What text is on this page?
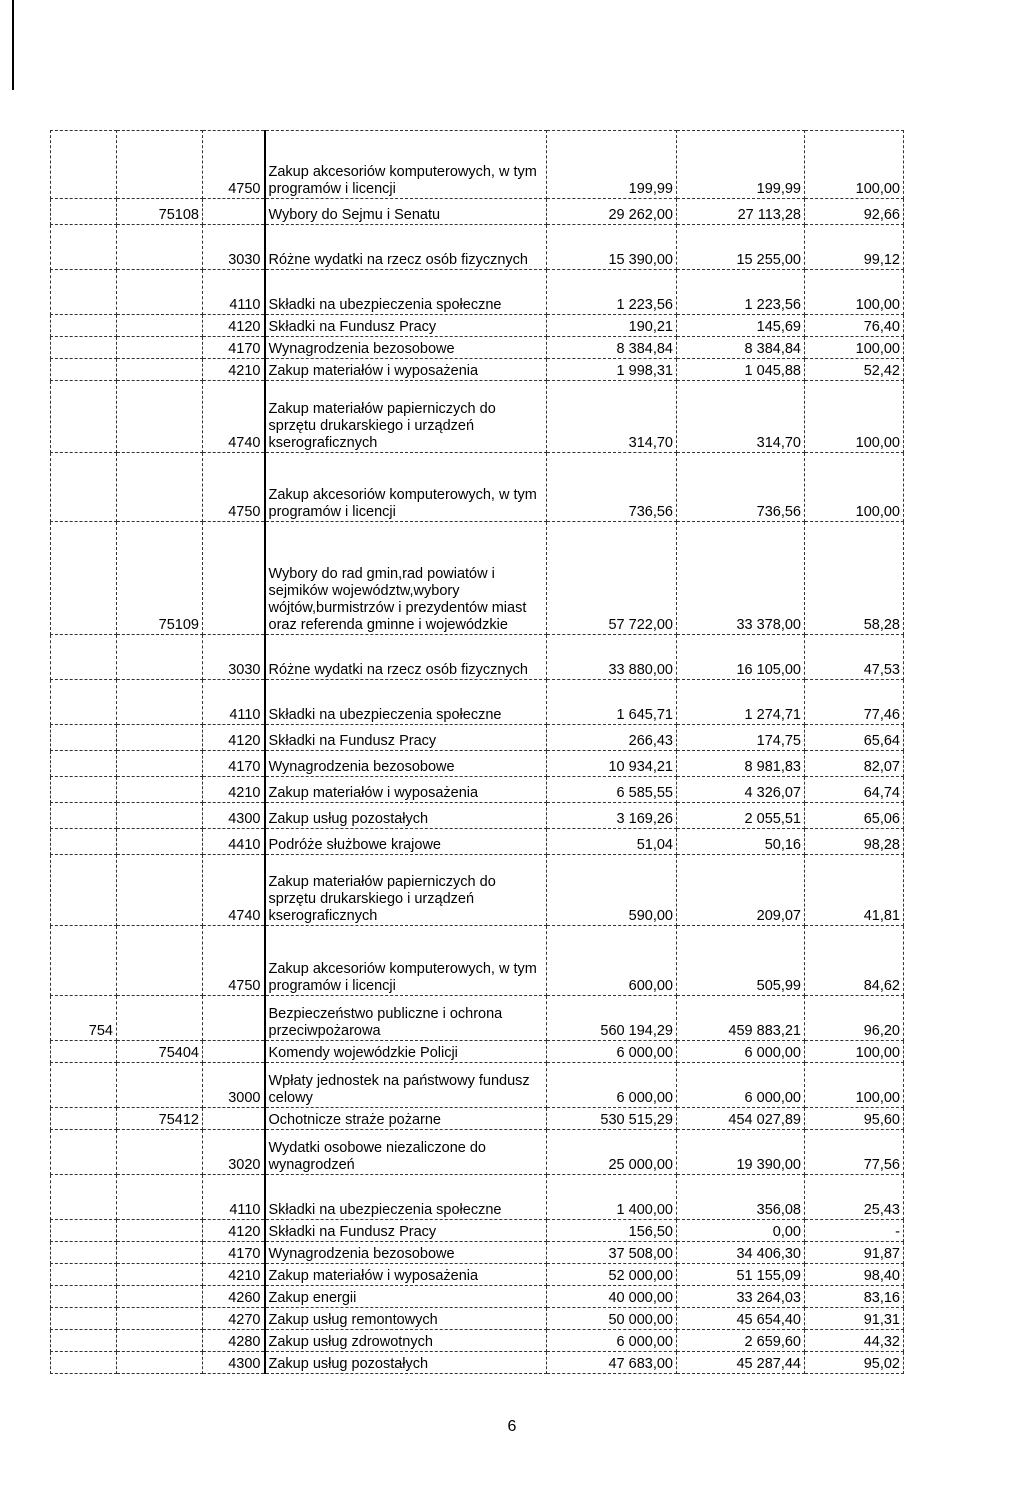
		4750	Zakup akcesoriów komputerowych, w tym programów i licencji	199,99	199,99	100,00
	75108		Wybory do Sejmu i Senatu	29 262,00	27 113,28	92,66
		3030	Różne wydatki na rzecz osób fizycznych	15 390,00	15 255,00	99,12
		4110	Składki na ubezpieczenia społeczne	1 223,56	1 223,56	100,00
		4120	Składki na Fundusz Pracy	190,21	145,69	76,40
		4170	Wynagrodzenia bezosobowe	8 384,84	8 384,84	100,00
		4210	Zakup materiałów i wyposażenia	1 998,31	1 045,88	52,42
		4740	Zakup materiałów papierniczych do sprzętu drukarskiego i urządzeń kserograficznych	314,70	314,70	100,00
		4750	Zakup akcesoriów komputerowych, w tym programów i licencji	736,56	736,56	100,00
	75109		Wybory do rad gmin,rad powiatów i sejmików województw,wybory wójtów,burmistrzów i prezydentów miast oraz referenda gminne i wojewódzkie	57 722,00	33 378,00	58,28
		3030	Różne wydatki na rzecz osób fizycznych	33 880,00	16 105,00	47,53
		4110	Składki na ubezpieczenia społeczne	1 645,71	1 274,71	77,46
		4120	Składki na Fundusz Pracy	266,43	174,75	65,64
		4170	Wynagrodzenia bezosobowe	10 934,21	8 981,83	82,07
		4210	Zakup materiałów i wyposażenia	6 585,55	4 326,07	64,74
		4300	Zakup usług pozostałych	3 169,26	2 055,51	65,06
		4410	Podróże służbowe krajowe	51,04	50,16	98,28
		4740	Zakup materiałów papierniczych do sprzętu drukarskiego i urządzeń kserograficznych	590,00	209,07	41,81
		4750	Zakup akcesoriów komputerowych, w tym programów i licencji	600,00	505,99	84,62
754			Bezpieczeństwo publiczne i ochrona przeciwpożarowa	560 194,29	459 883,21	96,20
	75404		Komendy wojewódzkie Policji	6 000,00	6 000,00	100,00
		3000	Wpłaty jednostek na państwowy fundusz celowy	6 000,00	6 000,00	100,00
	75412		Ochotnicze straże pożarne	530 515,29	454 027,89	95,60
		3020	Wydatki osobowe niezaliczone do wynagrodzeń	25 000,00	19 390,00	77,56
		4110	Składki na ubezpieczenia społeczne	1 400,00	356,08	25,43
		4120	Składki na Fundusz Pracy	156,50	0,00	-
		4170	Wynagrodzenia bezosobowe	37 508,00	34 406,30	91,87
		4210	Zakup materiałów i wyposażenia	52 000,00	51 155,09	98,40
		4260	Zakup energii	40 000,00	33 264,03	83,16
		4270	Zakup usług remontowych	50 000,00	45 654,40	91,31
		4280	Zakup usług zdrowotnych	6 000,00	2 659,60	44,32
		4300	Zakup usług pozostałych	47 683,00	45 287,44	95,02
6
